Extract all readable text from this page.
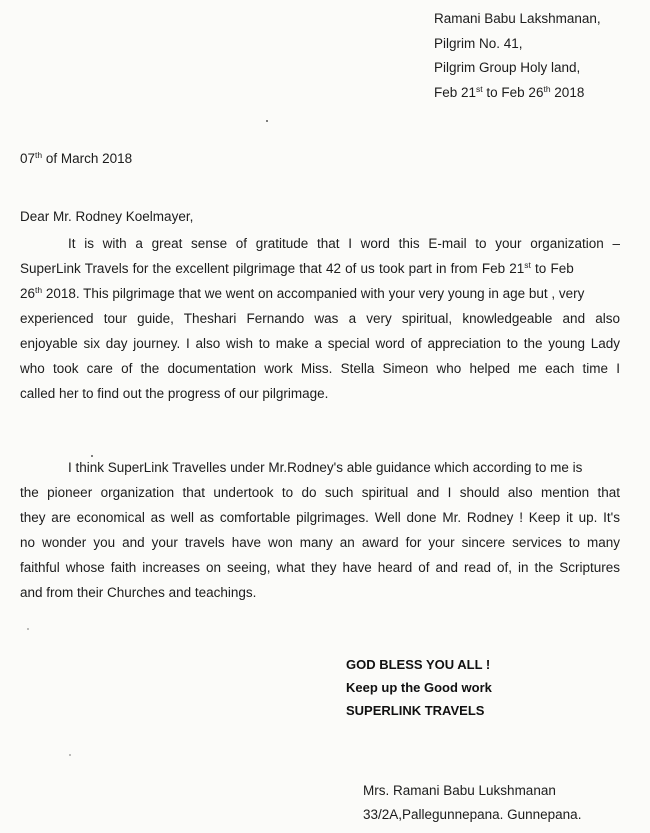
Ramani Babu Lakshmanan,
Pilgrim No. 41,
Pilgrim Group Holy land,
Feb 21st to Feb 26th 2018
07th of March 2018
Dear Mr. Rodney Koelmayer,
It is with a great sense of gratitude that I word this E-mail to your organization –
SuperLink Travels for the excellent pilgrimage that 42 of us took part in from Feb 21st to Feb
26th 2018. This pilgrimage that we went on accompanied with your very young in age but , very
experienced tour guide, Theshari Fernando was a very spiritual, knowledgeable and also
enjoyable six day journey. I also wish to make a special word of appreciation to the young Lady
who took care of the documentation work Miss. Stella Simeon who helped me each time I
called her to find out the progress of our pilgrimage.
I think SuperLink Travelles under Mr.Rodney's able guidance which according to me is
the pioneer organization that undertook to do such spiritual and I should also mention that
they are economical as well as comfortable pilgrimages. Well done Mr. Rodney ! Keep it up. It's
no wonder you and your travels have won many an award for your sincere services to many
faithful whose faith increases on seeing, what they have heard of and read of, in the Scriptures
and from their Churches and teachings.
GOD BLESS YOU ALL !
Keep up the Good work
SUPERLINK TRAVELS
Mrs. Ramani Babu Lukshmanan
33/2A,Pallegunnepana. Gunnepana.
